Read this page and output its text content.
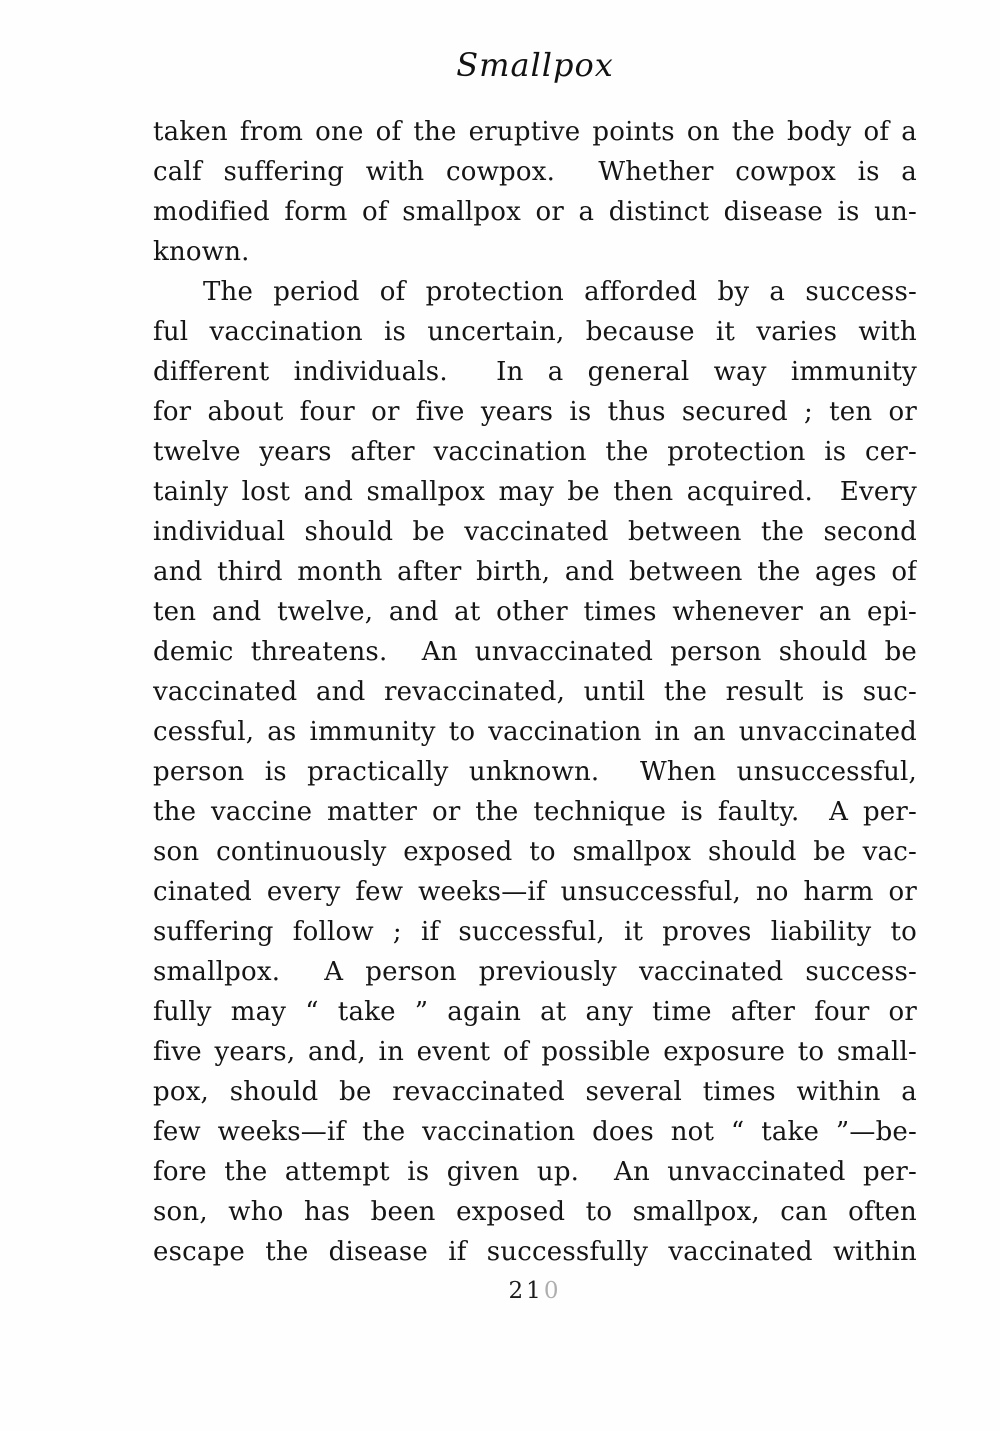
Smallpox
taken from one of the eruptive points on the body of a
calf suffering with cowpox.  Whether cowpox is a
modified form of smallpox or a distinct disease is un-
known.
The period of protection afforded by a success-
ful vaccination is uncertain, because it varies with
different individuals.  In a general way immunity
for about four or five years is thus secured ; ten or
twelve years after vaccination the protection is cer-
tainly lost and smallpox may be then acquired.  Every
individual should be vaccinated between the second
and third month after birth, and between the ages of
ten and twelve, and at other times whenever an epi-
demic threatens.  An unvaccinated person should be
vaccinated and revaccinated, until the result is suc-
cessful, as immunity to vaccination in an unvaccinated
person is practically unknown.  When unsuccessful,
the vaccine matter or the technique is faulty.  A per-
son continuously exposed to smallpox should be vac-
cinated every few weeks—if unsuccessful, no harm or
suffering follow ; if successful, it proves liability to
smallpox.  A person previously vaccinated success-
fully may “ take ” again at any time after four or
five years, and, in event of possible exposure to small-
pox, should be revaccinated several times within a
few weeks—if the vaccination does not “ take ”—be-
fore the attempt is given up.  An unvaccinated per-
son, who has been exposed to smallpox, can often
escape the disease if successfully vaccinated within
210
